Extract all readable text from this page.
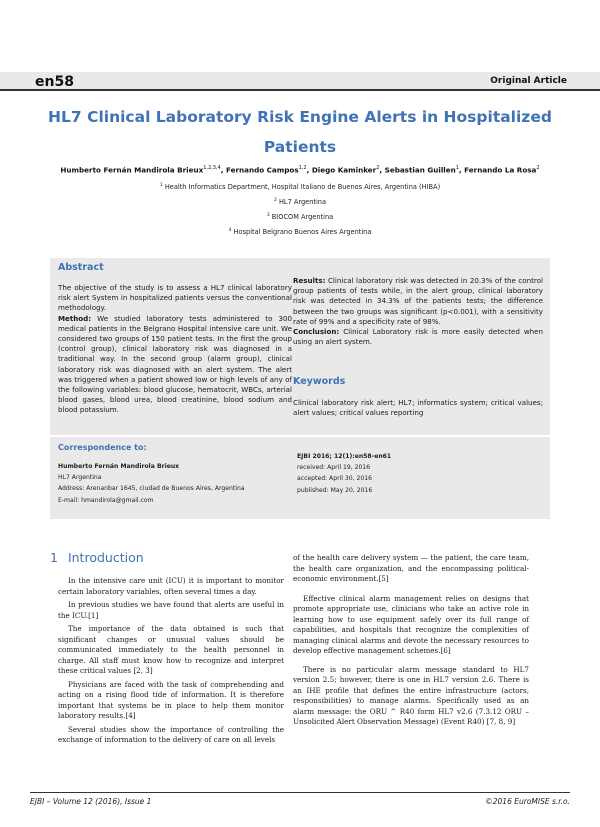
en58	Original Article
HL7 Clinical Laboratory Risk Engine Alerts in Hospitalized Patients
Humberto Fernán Mandirola Brieux$^{1,2,3,4}$, Fernando Campos$^{1,2}$, Diego Kaminker$^2$, Sebastian Guillen$^1$, Fernando La Rosa$^2$
$^1$ Health Informatics Department, Hospital Italiano de Buenos Aires, Argentina (HIBA)
$^2$ HL7 Argentina
$^3$ BIOCOM Argentina
$^4$ Hospital Belgrano Buenos Aires Argentina
Abstract
The objective of the study is to assess a HL7 clinical laboratory risk alert System in hospitalized patients versus the conventional methodology.
Method: We studied laboratory tests administered to 300 medical patients in the Belgrano Hospital intensive care unit. We considered two groups of 150 patient tests. In the first the group (control group), clinical laboratory risk was diagnosed in a traditional way. In the second group (alarm group), clinical laboratory risk was diagnosed with an alert system. The alert was triggered when a patient showed low or high levels of any of the following variables: blood glucose, hematocrit, WBCs, arterial blood gases, blood urea, blood creatinine, blood sodium and blood potassium.
Results: Clinical laboratory risk was detected in 20.3% of the control group patients of tests while, in the alert group, clinical laboratory risk was detected in 34.3% of the patients tests; the difference between the two groups was significant (p<0.001), with a sensitivity rate of 99% and a specificity rate of 98%.
Conclusion: Clinical Laboratory risk is more easily detected when using an alert system.
Keywords
Clinical laboratory risk alert; HL7; informatics system; critical values; alert values; critical values reporting
Correspondence to:
Humberto Fernán Mandirola Brieux
HL7 Argentina
Address: Arenanbar 1645, ciudad de Buenos Aires, Argentina
E-mail: hmandirola@gmail.com
EJBI 2016; 12(1):en58-en61
received: April 19, 2016
accepted: April 30, 2016
published: May 20, 2016
1 Introduction

In the intensive care unit (ICU) it is important to monitor certain laboratory variables, often several times a day.

In previous studies we have found that alerts are useful in the ICU.[1]

The importance of the data obtained is such that significant changes or unusual values should be communicated immediately to the health personnel in charge. All staff must know how to recognize and interpret these critical values [2, 3]

Physicians are faced with the task of comprehending and acting on a rising flood tide of information. It is therefore important that systems be in place to help them monitor laboratory results.[4]

Several studies show the importance of controlling the exchange of information to the delivery of care on all levels

of the health care delivery system — the patient, the care team, the health care organization, and the encompassing political-economic environment.[5]

Effective clinical alarm management relies on designs that promote appropriate use, clinicians who take an active role in learning how to use equipment safely over its full range of capabilities, and hospitals that recognize the complexities of managing clinical alarms and devote the necessary resources to develop effective management schemes.[6]

There is no particular alarm message standard to HL7 version 2.5; however, there is one in HL7 version 2.6. There is an IHE profile that defines the entire infrastructure (actors, responsibilities) to manage alarms. Specifically used as an alarm message: the ORU ^ R40 form HL7 v2.6 (7.3.12 ORU – Unsolicited Alert Observation Message) (Event R40) [7, 8, 9]

EJBI – Volume 12 (2016), Issue 1	©2016 EuroMISE s.r.o.
